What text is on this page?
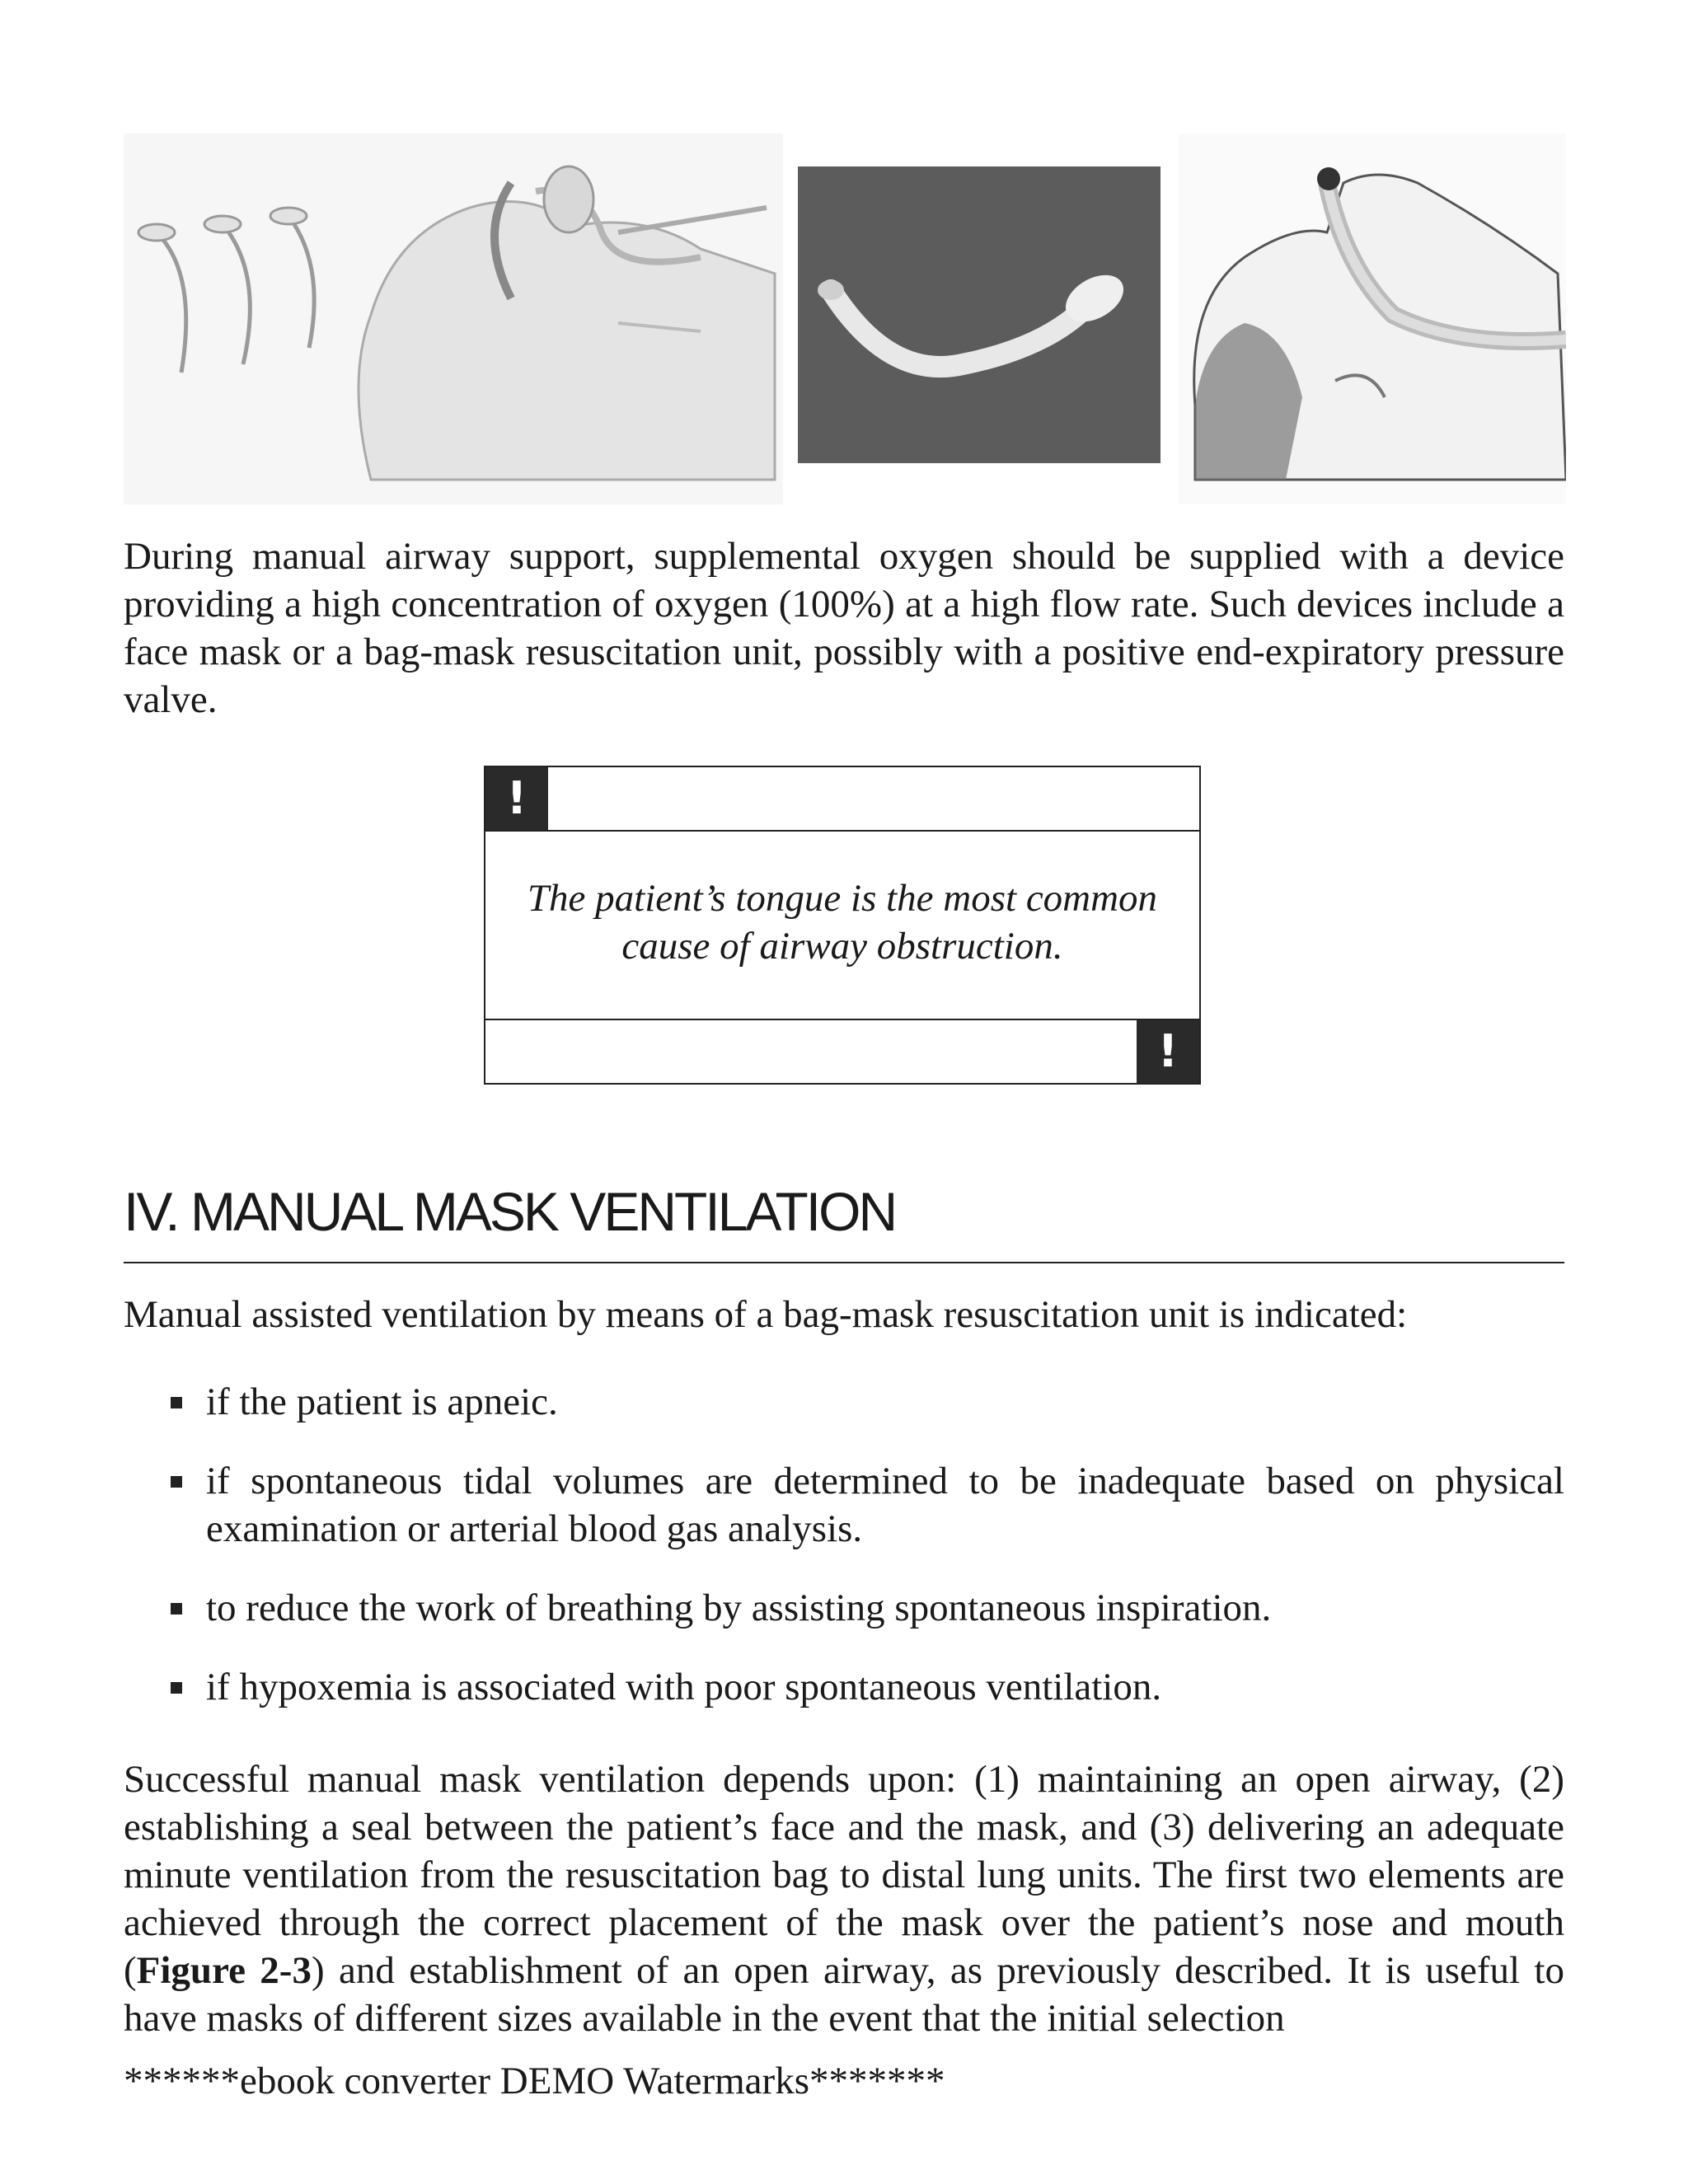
During manual airway support, supplemental oxygen should be supplied with a device providing a high concentration of oxygen (100%) at a high flow rate. Such devices include a face mask or a bag-mask resuscitation unit, possibly with a positive end-expiratory pressure valve.

!
The patient’s tongue is the most common
cause of airway obstruction.
!
IV. MANUAL MASK VENTILATION

Manual assisted ventilation by means of a bag-mask resuscitation unit is indicated:

if the patient is apneic.
if spontaneous tidal volumes are determined to be inadequate based on physical examination or arterial blood gas analysis.
to reduce the work of breathing by assisting spontaneous inspiration.
if hypoxemia is associated with poor spontaneous ventilation.

Successful manual mask ventilation depends upon: (1) maintaining an open airway, (2) establishing a seal between the patient’s face and the mask, and (3) delivering an adequate minute ventilation from the resuscitation bag to distal lung units. The first two elements are achieved through the correct placement of the mask over the patient’s nose and mouth (Figure 2-3) and establishment of an open airway, as previously described. It is useful to have masks of different sizes available in the event that the initial selection

******ebook converter DEMO Watermarks*******
